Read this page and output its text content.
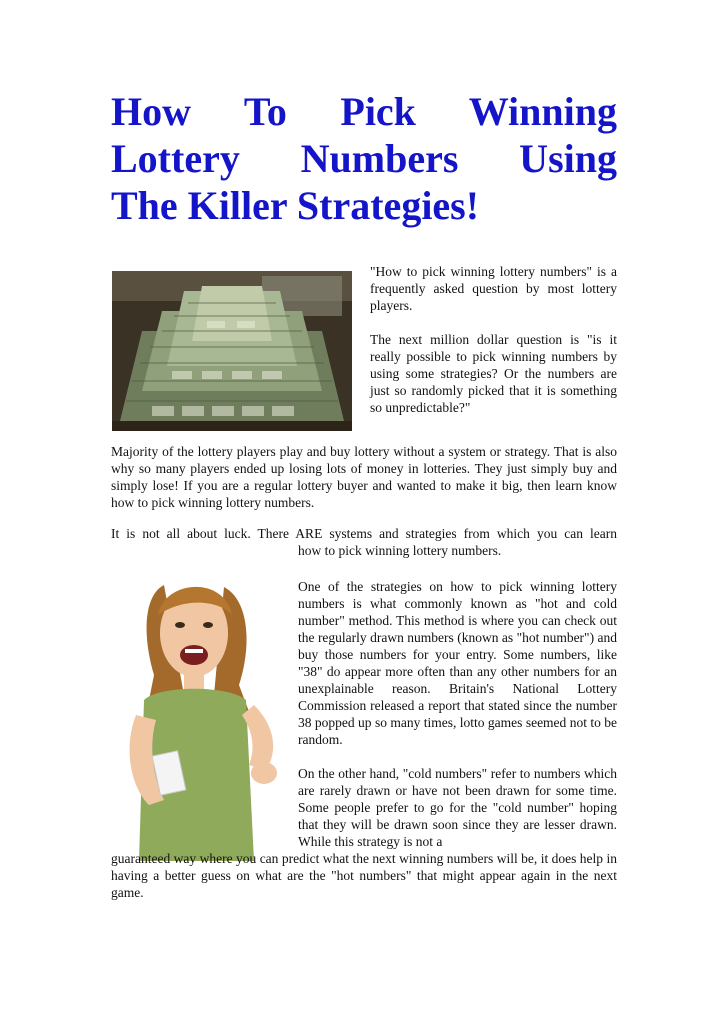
How To Pick Winning
Lottery Numbers Using
The Killer Strategies!

"How to pick winning lottery numbers" is a frequently asked question by most lottery players.

The next million dollar question is "is it really possible to pick winning numbers by using some strategies? Or the numbers are just so randomly picked that it is something so unpredictable?"

Majority of the lottery players play and buy lottery without a system or strategy. That is also why so many players ended up losing lots of money in lotteries. They just simply buy and simply lose! If you are a regular lottery buyer and wanted to make it big, then learn know how to pick winning lottery numbers.

It is not all about luck. There ARE systems and strategies from which you can learn
how to pick winning lottery numbers.

One of the strategies on how to pick winning lottery numbers is what commonly known as "hot and cold number" method. This method is where you can check out the regularly drawn numbers (known as "hot number") and buy those numbers for your entry. Some numbers, like "38" do appear more often than any other numbers for an unexplainable reason. Britain's National Lottery Commission released a report that stated since the number 38 popped up so many times, lotto games seemed not to be random.

On the other hand, "cold numbers" refer to numbers which are rarely drawn or have not been drawn for some time. Some people prefer to go for the "cold number" hoping that they will be drawn soon since they are lesser drawn. While this strategy is not a

guaranteed way where you can predict what the next winning numbers will be, it does help in having a better guess on what are the "hot numbers" that might appear again in the next game.
